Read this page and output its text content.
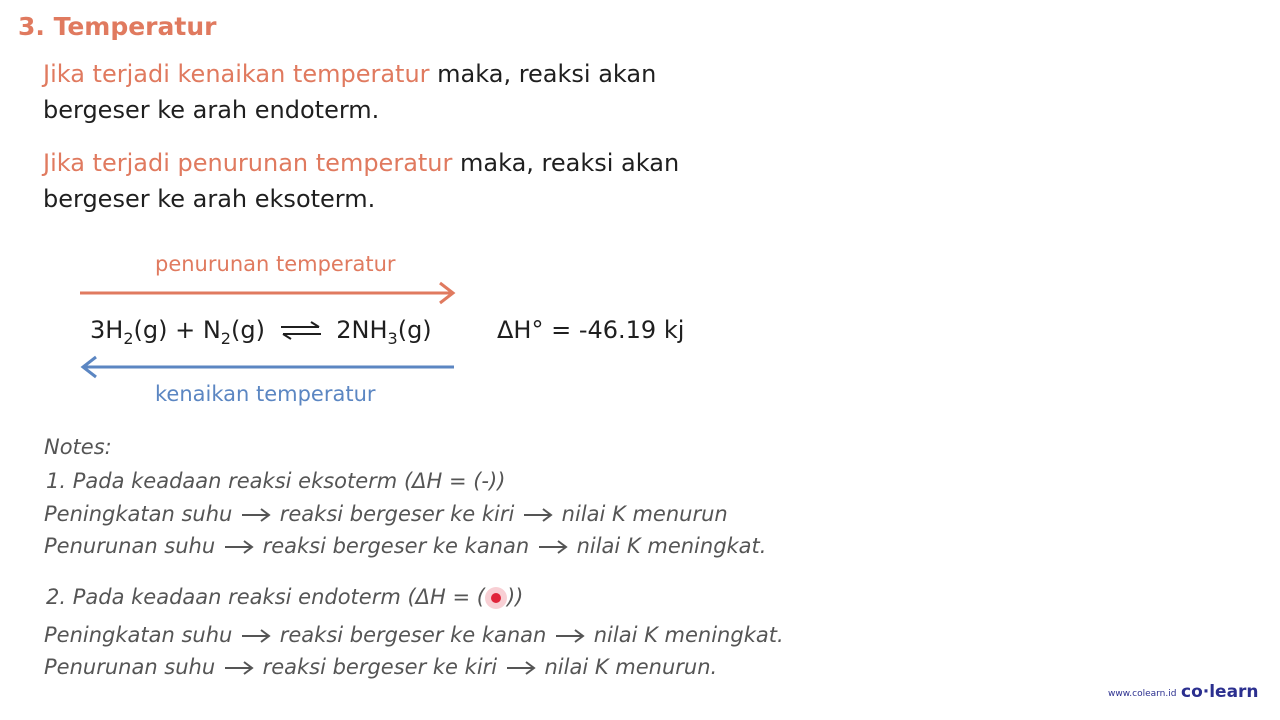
3. Temperatur
Jika terjadi kenaikan temperatur maka, reaksi akan
bergeser ke arah endoterm.
Jika terjadi penurunan temperatur maka, reaksi akan
bergeser ke arah eksoterm.
penurunan temperatur
$3H_2(g) + N_2(g)$ ⇌ $2NH_3(g)$	ΔH° = -46.19 kj
kenaikan temperatur
Notes:
1. Pada keadaan reaksi eksoterm (ΔH = (-))
Peningkatan suhu reaksi bergeser ke kiri nilai K menurun
Penurunan suhu reaksi bergeser ke kanan nilai K meningkat.
2. Pada keadaan reaksi endoterm (ΔH = ( ))
Peningkatan suhu reaksi bergeser ke kanan nilai K meningkat.
Penurunan suhu reaksi bergeser ke kiri nilai K menurun.
www.colearn.id co·learn
